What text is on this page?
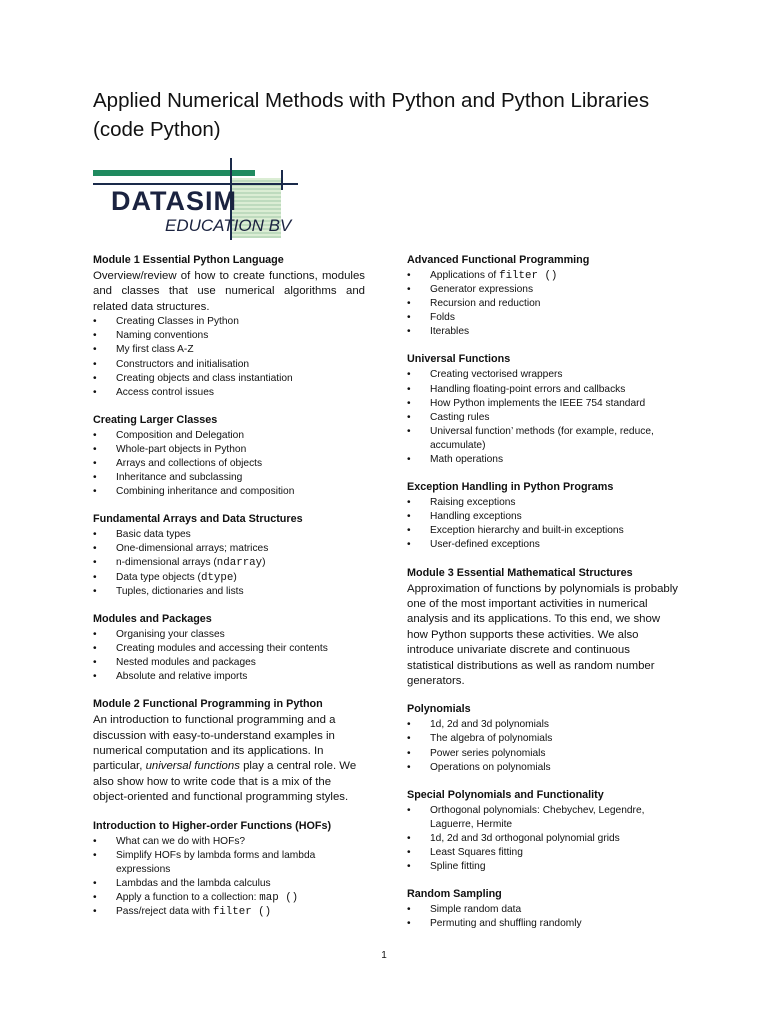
Applied Numerical Methods with Python and Python Libraries (code Python)
DATASIM
EDUCATION BV
Module 1 Essential Python Language

Overview/review of how to create functions, modules and classes that use numerical algorithms and related data structures.

• Creating Classes in Python
• Naming conventions
• My first class A-Z
• Constructors and initialisation
• Creating objects and class instantiation
• Access control issues
Creating Larger Classes
• Composition and Delegation
• Whole-part objects in Python
• Arrays and collections of objects
• Inheritance and subclassing
• Combining inheritance and composition
Fundamental Arrays and Data Structures
• Basic data types
• One-dimensional arrays; matrices
• n-dimensional arrays (ndarray)
• Data type objects (dtype)
• Tuples, dictionaries and lists
Modules and Packages
• Organising your classes
• Creating modules and accessing their contents
• Nested modules and packages
• Absolute and relative imports
Module 2 Functional Programming in Python

An introduction to functional programming and a discussion with easy-to-understand examples in numerical computation and its applications. In particular, universal functions play a central role. We also show how to write code that is a mix of the object-oriented and functional programming styles.

Introduction to Higher-order Functions (HOFs)
• What can we do with HOFs?
• Simplify HOFs by lambda forms and lambda expressions
• Lambdas and the lambda calculus
• Apply a function to a collection: map ()
• Pass/reject data with filter ()
Advanced Functional Programming
• Applications of filter ()
• Generator expressions
• Recursion and reduction
• Folds
• Iterables
Universal Functions
• Creating vectorised wrappers
• Handling floating-point errors and callbacks
• How Python implements the IEEE 754 standard
• Casting rules
• Universal function’ methods (for example, reduce, accumulate)
• Math operations
Exception Handling in Python Programs
• Raising exceptions
• Handling exceptions
• Exception hierarchy and built-in exceptions
• User-defined exceptions
Module 3 Essential Mathematical Structures

Approximation of functions by polynomials is probably one of the most important activities in numerical analysis and its applications. To this end, we show how Python supports these activities. We also introduce univariate discrete and continuous statistical distributions as well as random number generators.

Polynomials
• 1d, 2d and 3d polynomials
• The algebra of polynomials
• Power series polynomials
• Operations on polynomials
Special Polynomials and Functionality
• Orthogonal polynomials: Chebychev, Legendre, Laguerre, Hermite
• 1d, 2d and 3d orthogonal polynomial grids
• Least Squares fitting
• Spline fitting
Random Sampling
• Simple random data
• Permuting and shuffling randomly
1
